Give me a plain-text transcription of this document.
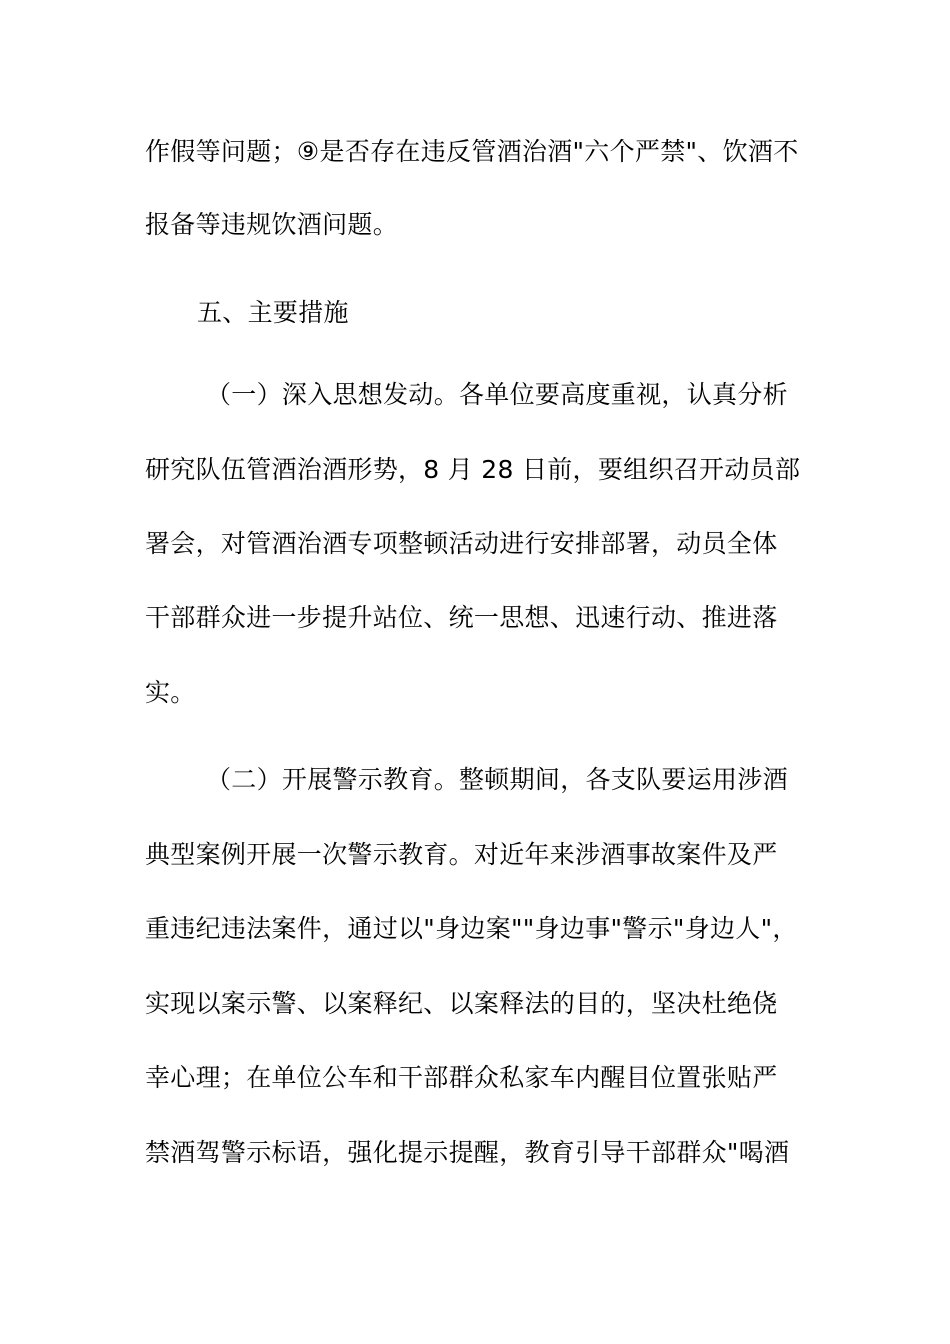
作假等问题；⑨是否存在违反管酒治酒"六个严禁"、饮酒不
报备等违规饮酒问题。
五、主要措施
（一）深入思想发动。各单位要高度重视，认真分析
研究队伍管酒治酒形势，8 月 28 日前，要组织召开动员部
署会，对管酒治酒专项整顿活动进行安排部署，动员全体
干部群众进一步提升站位、统一思想、迅速行动、推进落
实。
（二）开展警示教育。整顿期间，各支队要运用涉酒
典型案例开展一次警示教育。对近年来涉酒事故案件及严
重违纪违法案件，通过以"身边案""身边事"警示"身边人"，
实现以案示警、以案释纪、以案释法的目的，坚决杜绝侥
幸心理；在单位公车和干部群众私家车内醒目位置张贴严
禁酒驾警示标语，强化提示提醒，教育引导干部群众"喝酒
